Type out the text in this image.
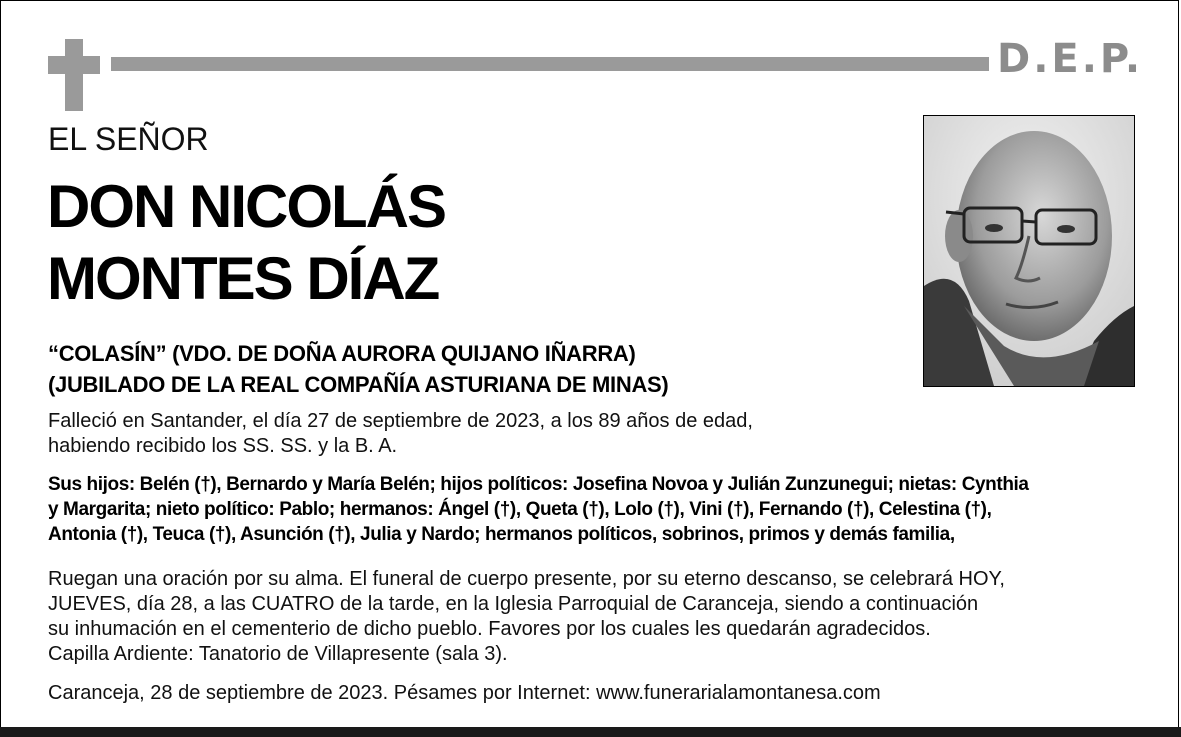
D.E.P.
EL SEÑOR
DON NICOLÁS
MONTES DÍAZ
“COLASÍN” (VDO. DE DOÑA AURORA QUIJANO IÑARRA)
(JUBILADO DE LA REAL COMPAÑÍA ASTURIANA DE MINAS)
Falleció en Santander, el día 27 de septiembre de 2023, a los 89 años de edad,
habiendo recibido los SS. SS. y la B. A.
Sus hijos: Belén (†), Bernardo y María Belén; hijos políticos: Josefina Novoa y Julián Zunzunegui; nietas: Cynthia
y Margarita; nieto político: Pablo; hermanos: Ángel (†), Queta (†), Lolo (†), Vini (†), Fernando (†), Celestina (†),
Antonia (†), Teuca (†), Asunción (†), Julia y Nardo; hermanos políticos, sobrinos, primos y demás familia,
Ruegan una oración por su alma. El funeral de cuerpo presente, por su eterno descanso, se celebrará HOY,
JUEVES, día 28, a las CUATRO de la tarde, en la Iglesia Parroquial de Caranceja, siendo a continuación
su inhumación en el cementerio de dicho pueblo. Favores por los cuales les quedarán agradecidos.
Capilla Ardiente: Tanatorio de Villapresente (sala 3).
Caranceja, 28 de septiembre de 2023. Pésames por Internet: www.funerarialamontanesa.com
